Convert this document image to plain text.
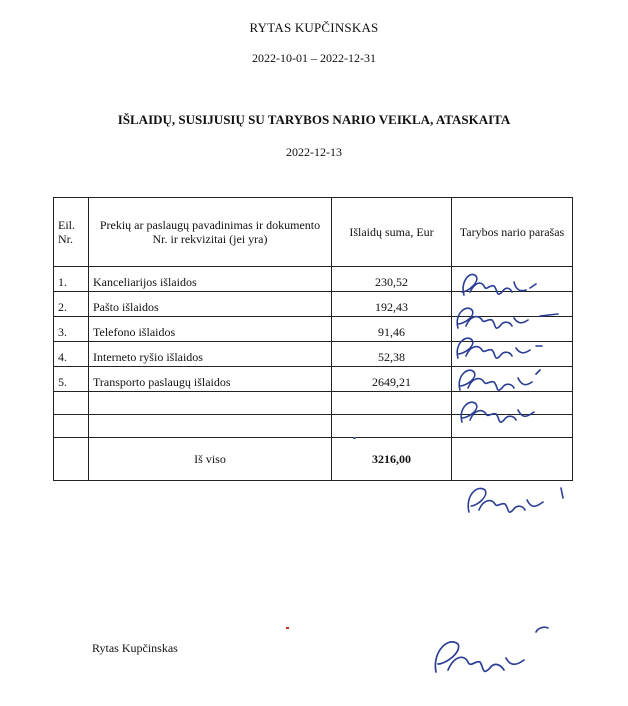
RYTAS KUPČINSKAS
2022-10-01 – 2022-12-31
IŠLAIDŲ, SUSIJUSIŲ SU TARYBOS NARIO VEIKLA, ATASKAITA
2022-12-13
Eil. Nr.	Prekių ar paslaugų pavadinimas ir dokumento Nr. ir rekvizitai (jei yra)	Išlaidų suma, Eur	Tarybos nario parašas
1.	Kanceliarijos išlaidos	230,52	
2.	Pašto išlaidos	192,43	
3.	Telefono išlaidos	91,46	
4.	Interneto ryšio išlaidos	52,38	
5.	Transporto paslaugų išlaidos	2649,21	

	Iš viso	3216,00	
Rytas Kupčinskas
